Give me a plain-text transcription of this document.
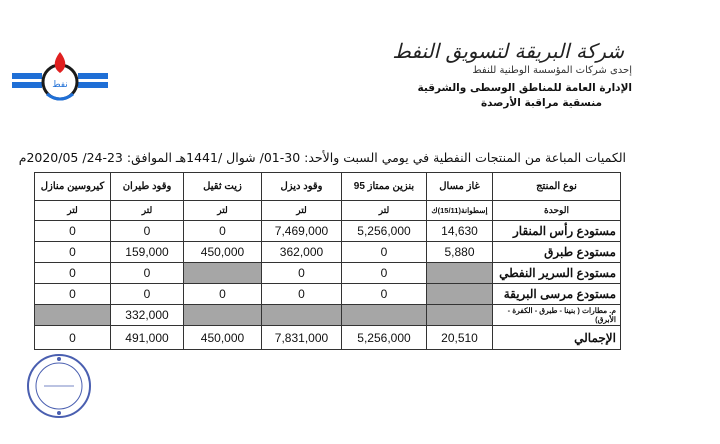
نفط
شركة البريقة لتسويق النفط
إحدى شركات المؤسسة الوطنية للنفط
الإدارة العامة للمناطق الوسطى والشرقية
منسقية مراقبة الأرصدة
الكميات المباعة من المنتجات النفطية في يومي السبت والأحد: 30-01/ شوال /1441هـ الموافق: 23-24/ 2020/05م
نوع المنتج	غاز مسال	بنزين ممتاز 95	وقود ديزل	زيت ثقيل	وقود طيران	كيروسين منازل
الوحدة	إسطوانة(15/11)ك	لتر	لتر	لتر	لتر	لتر
مستودع رأس المنقار	14,630	5,256,000	7,469,000	0	0	0
مستودع طبرق	5,880	0	362,000	450,000	159,000	0
مستودع السرير النفطي		0	0		0	0
مستودع مرسى البريقة		0	0	0	0	0
م. مطارات ( بنينا - طبرق - الكفرة - الأبرق)					332,000	
الإجمالي	20,510	5,256,000	7,831,000	450,000	491,000	0
